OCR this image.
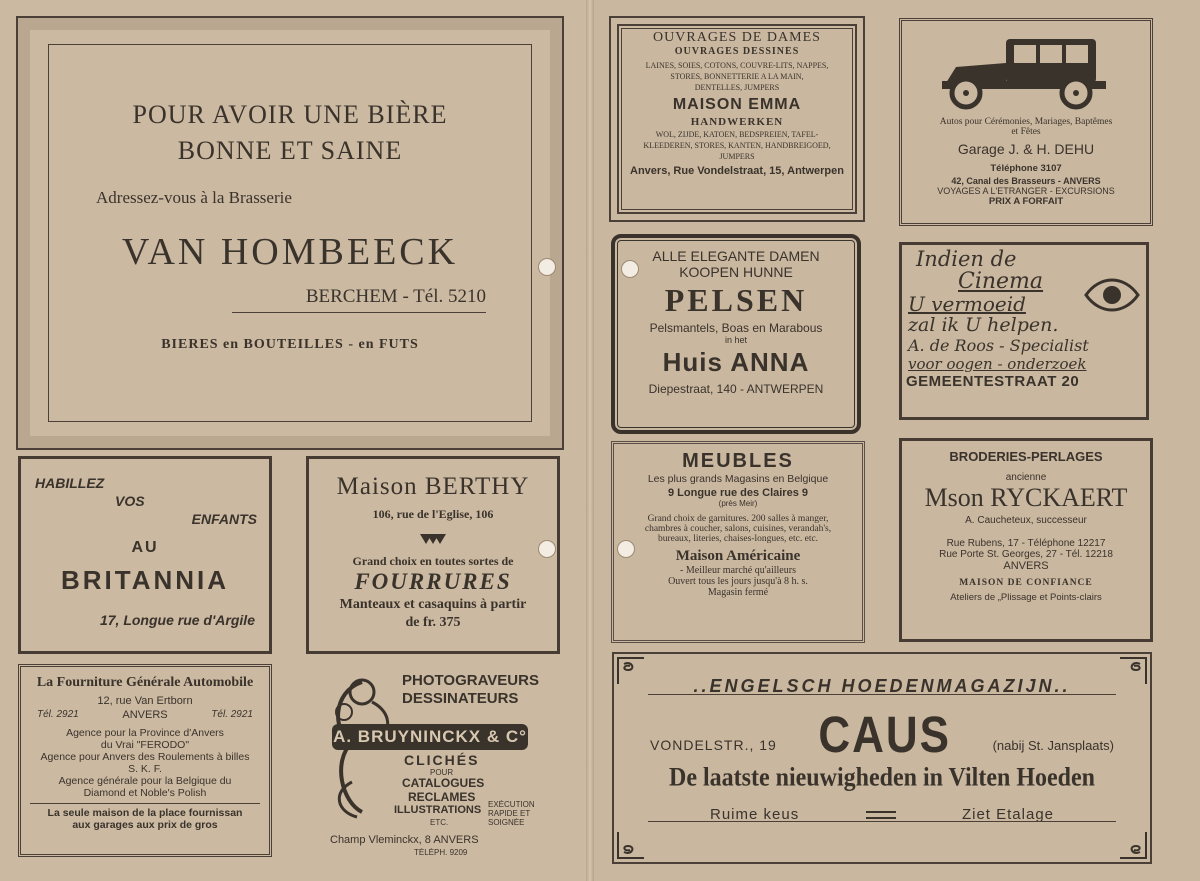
POUR AVOIR UNE BIÈRE
BONNE ET SAINE
Adressez-vous à la Brasserie
VAN HOMBEECK
BERCHEM - Tél. 5210
BIERES en BOUTEILLES - en FUTS
HABILLEZ
VOS
ENFANTS
AU
BRITANNIA
17, Longue rue d'Argile
Maison BERTHY
106, rue de l'Eglise, 106
Grand choix en toutes sortes de
FOURRURES
Manteaux et casaquins à partir
de fr. 375
La Fourniture Générale Automobile
12, rue Van Ertborn
Tél. 2921	ANVERS	Tél. 2921
Agence pour la Province d'Anvers
du Vrai "FERODO"
Agence pour Anvers des Roulements à billes
S. K. F.
Agence générale pour la Belgique du
Diamond et Noble's Polish
La seule maison de la place fournissan
aux garages aux prix de gros
PHOTOGRAVEURS
DESSINATEURS
A. BRUYNINCKX & C°
CLICHÉS
POUR
CATALOGUES
RECLAMES
ILLUSTRATIONS
ETC.
EXÉCUTION
RAPIDE ET
SOIGNÉE
Champ Vleminckx, 8 ANVERS
TÉLÉPH. 9209
OUVRAGES DE DAMES
OUVRAGES DESSINÉS
LAINES, SOIES, COTONS, COUVRE-LITS, NAPPES,
STORES, BONNETTERIE A LA MAIN,
DENTELLES, JUMPERS
MAISON EMMA
HANDWERKEN
WOL, ZIJDE, KATOEN, BEDSPREIEN, TAFEL-
KLEEDEREN, STORES, KANTEN, HANDBREIGOED,
JUMPERS
Anvers, Rue Vondelstraat, 15, Antwerpen
Autos pour Cérémonies, Mariages, Baptêmes
et Fêtes
Garage J. & H. DEHU
Téléphone 3107
42, Canal des Brasseurs - ANVERS
VOYAGES A L'ETRANGER - EXCURSIONS
PRIX A FORFAIT
ALLE ELEGANTE DAMEN
KOOPEN HUNNE
PELSEN
Pelsmantels, Boas en Marabous
in het
Huis ANNA
Diepestraat, 140 - ANTWERPEN
Indien de
Cinema
U vermoeid
zal ik U helpen.
A. de Roos - Specialist
voor oogen - onderzoek
GEMEENTESTRAAT 20
MEUBLES
Les plus grands Magasins en Belgique
9 Longue rue des Claires 9
(près Meir)
Grand choix de garnitures. 200 salles à manger,
chambres à coucher, salons, cuisines, verandah's,
bureaux, literies, chaises-longues, etc. etc.
Maison Américaine
- Meilleur marché qu'ailleurs
Ouvert tous les jours jusqu'à 8 h. s.
Magasin fermé
BRODERIES-PERLAGES
ancienne
Mson RYCKAERT
A. Caucheteux, successeur
Rue Rubens, 17 - Téléphone 12217
Rue Porte St. Georges, 27 - Tél. 12218
ANVERS
MAISON DE CONFIANCE
Ateliers de „Plissage et Points-clairs
..ENGELSCH HOEDENMAGAZIJN..
VONDELSTR., 19 CAUS	(nabij St. Jansplaats)
De laatste nieuwigheden in Vilten Hoeden
Ruime keus	Ziet Etalage
